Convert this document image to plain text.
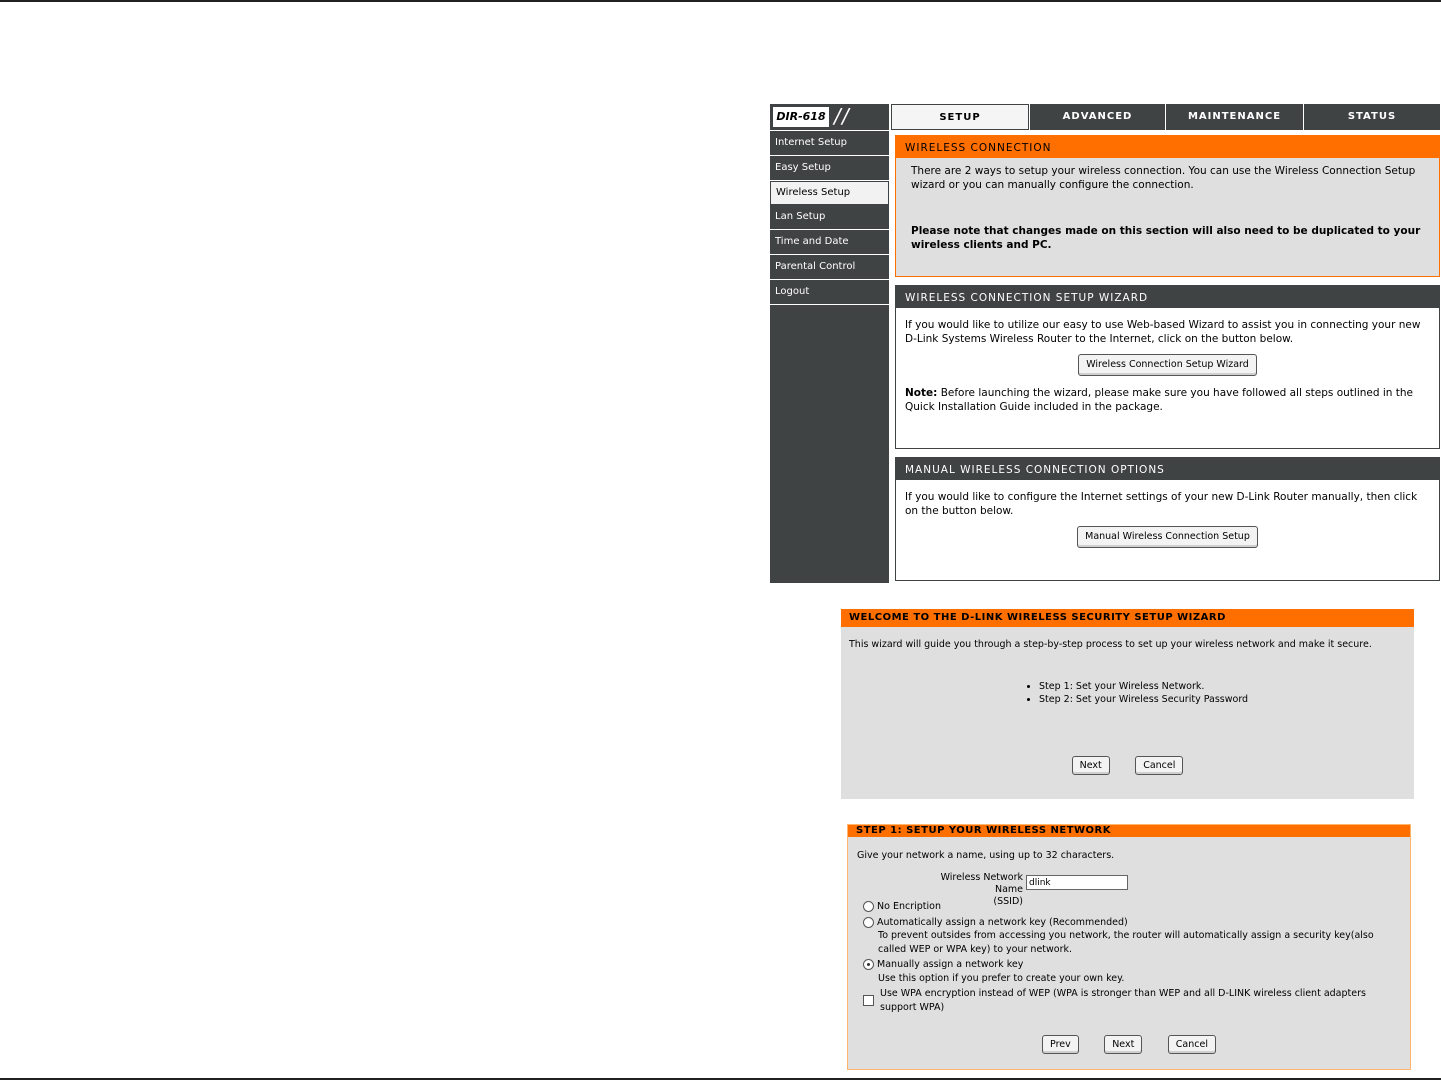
DIR-618 / /	SETUP	ADVANCED	MAINTENANCE	STATUS
Internet Setup
Easy Setup
Wireless Setup
Lan Setup
Time and Date
Parental Control
Logout
WIRELESS CONNECTION
There are 2 ways to setup your wireless connection. You can use the Wireless Connection Setup wizard or you can manually configure the connection.
Please note that changes made on this section will also need to be duplicated to your wireless clients and PC.
WIRELESS CONNECTION SETUP WIZARD
If you would like to utilize our easy to use Web-based Wizard to assist you in connecting your new D-Link Systems Wireless Router to the Internet, click on the button below.
Wireless Connection Setup Wizard
Note: Before launching the wizard, please make sure you have followed all steps outlined in the Quick Installation Guide included in the package.
MANUAL WIRELESS CONNECTION OPTIONS
If you would like to configure the Internet settings of your new D-Link Router manually, then click on the button below.
Manual Wireless Connection Setup
WELCOME TO THE D-LINK WIRELESS SECURITY SETUP WIZARD
This wizard will guide you through a step-by-step process to set up your wireless network and make it secure.
• Step 1: Set your Wireless Network.
• Step 2: Set your Wireless Security Password
Next	Cancel
STEP 1: SETUP YOUR WIRELESS NETWORK
Give your network a name, using up to 32 characters.
Wireless Network Name
(SSID)
dlink
No Encription
Automatically assign a network key (Recommended)
To prevent outsides from accessing you network, the router will automatically assign a security key(also called WEP or WPA key) to your network.
Manually assign a network key
Use this option if you prefer to create your own key.
Use WPA encryption instead of WEP (WPA is stronger than WEP and all D-LINK wireless client adapters support WPA)
Prev	Next	Cancel
